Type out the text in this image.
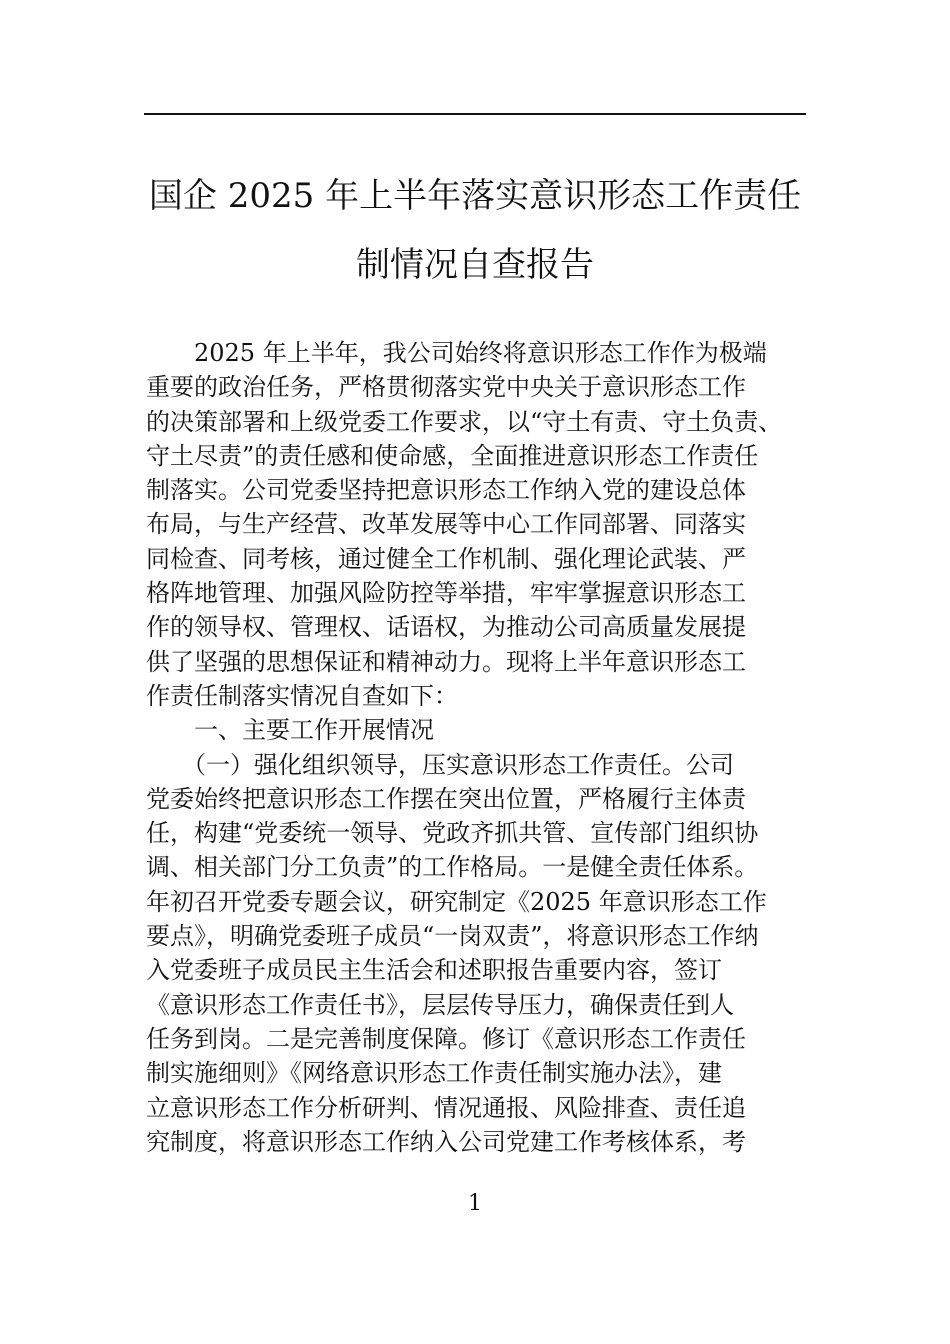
国企 2025 年上半年落实意识形态工作责任
制情况自查报告
　　2025 年上半年，我公司始终将意识形态工作作为极端
重要的政治任务，严格贯彻落实党中央关于意识形态工作
的决策部署和上级党委工作要求，以“守土有责、守土负责、
守土尽责”的责任感和使命感，全面推进意识形态工作责任
制落实。公司党委坚持把意识形态工作纳入党的建设总体
布局，与生产经营、改革发展等中心工作同部署、同落实
同检查、同考核，通过健全工作机制、强化理论武装、严
格阵地管理、加强风险防控等举措，牢牢掌握意识形态工
作的领导权、管理权、话语权，为推动公司高质量发展提
供了坚强的思想保证和精神动力。现将上半年意识形态工
作责任制落实情况自查如下：
　　一、主要工作开展情况
　　（一）强化组织领导，压实意识形态工作责任。公司
党委始终把意识形态工作摆在突出位置，严格履行主体责
任，构建“党委统一领导、党政齐抓共管、宣传部门组织协
调、相关部门分工负责”的工作格局。一是健全责任体系。
年初召开党委专题会议，研究制定《2025 年意识形态工作
要点》，明确党委班子成员“一岗双责”，将意识形态工作纳
入党委班子成员民主生活会和述职报告重要内容，签订
《意识形态工作责任书》，层层传导压力，确保责任到人
任务到岗。二是完善制度保障。修订《意识形态工作责任
制实施细则》《网络意识形态工作责任制实施办法》，建
立意识形态工作分析研判、情况通报、风险排查、责任追
究制度，将意识形态工作纳入公司党建工作考核体系，考
1
